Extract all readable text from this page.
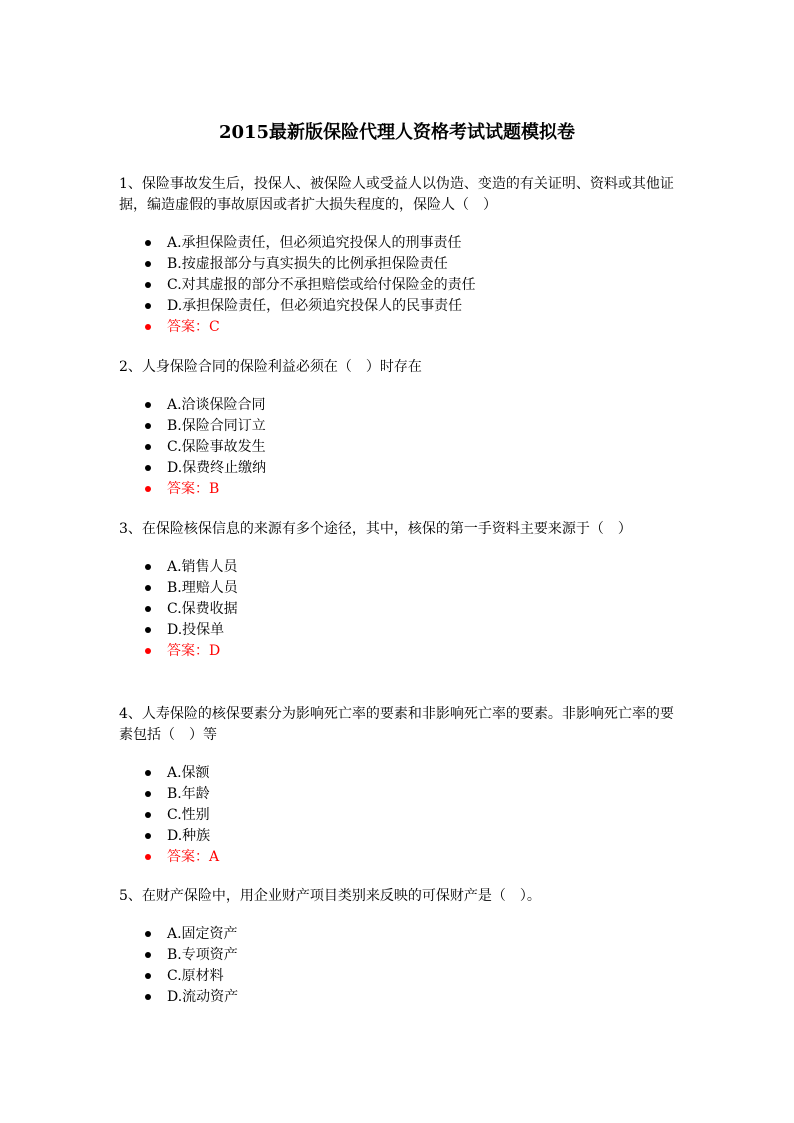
2015最新版保险代理人资格考试试题模拟卷

1、保险事故发生后，投保人、被保险人或受益人以伪造、变造的有关证明、资料或其他证据，编造虚假的事故原因或者扩大损失程度的，保险人（　）

A.承担保险责任，但必须追究投保人的刑事责任
B.按虚报部分与真实损失的比例承担保险责任
C.对其虚报的部分不承担赔偿或给付保险金的责任
D.承担保险责任，但必须追究投保人的民事责任
答案：C

2、人身保险合同的保险利益必须在（　）时存在

A.洽谈保险合同
B.保险合同订立
C.保险事故发生
D.保费终止缴纳
答案：B

3、在保险核保信息的来源有多个途径，其中，核保的第一手资料主要来源于（　）

A.销售人员
B.理赔人员
C.保费收据
D.投保单
答案：D

4、人寿保险的核保要素分为影响死亡率的要素和非影响死亡率的要素。非影响死亡率的要素包括（　）等

A.保额
B.年龄
C.性别
D.种族
答案：A

5、在财产保险中，用企业财产项目类别来反映的可保财产是（　）。

A.固定资产
B.专项资产
C.原材料
D.流动资产
